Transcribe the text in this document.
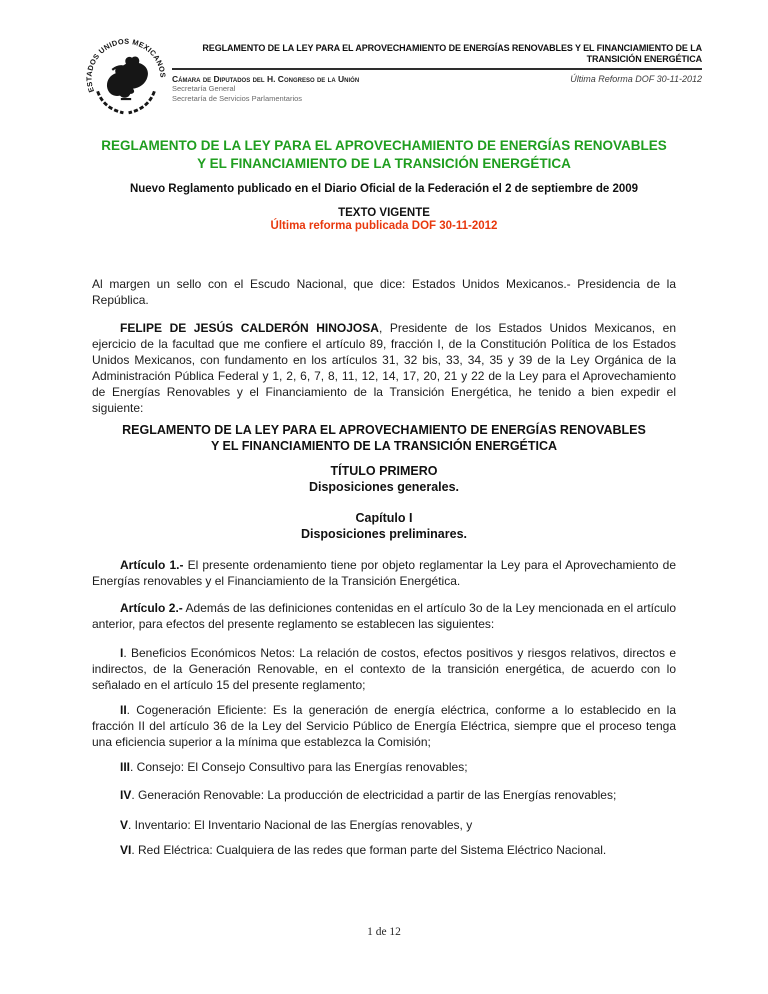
ESTADOS UNIDOS MEXICANOS
REGLAMENTO DE LA LEY PARA EL APROVECHAMIENTO DE ENERGÍAS RENOVABLES Y EL FINANCIAMIENTO DE LA
TRANSICIÓN ENERGÉTICA
Cámara de Diputados del H. Congreso de la Unión
Secretaría General
Secretaría de Servicios Parlamentarios
Última Reforma DOF 30-11-2012
REGLAMENTO DE LA LEY PARA EL APROVECHAMIENTO DE ENERGÍAS RENOVABLES
Y EL FINANCIAMIENTO DE LA TRANSICIÓN ENERGÉTICA
Nuevo Reglamento publicado en el Diario Oficial de la Federación el 2 de septiembre de 2009
TEXTO VIGENTE
Última reforma publicada DOF 30-11-2012

Al margen un sello con el Escudo Nacional, que dice: Estados Unidos Mexicanos.- Presidencia de la República.

FELIPE DE JESÚS CALDERÓN HINOJOSA, Presidente de los Estados Unidos Mexicanos, en ejercicio de la facultad que me confiere el artículo 89, fracción I, de la Constitución Política de los Estados Unidos Mexicanos, con fundamento en los artículos 31, 32 bis, 33, 34, 35 y 39 de la Ley Orgánica de la Administración Pública Federal y 1, 2, 6, 7, 8, 11, 12, 14, 17, 20, 21 y 22 de la Ley para el Aprovechamiento de Energías Renovables y el Financiamiento de la Transición Energética, he tenido a bien expedir el siguiente:

REGLAMENTO DE LA LEY PARA EL APROVECHAMIENTO DE ENERGÍAS RENOVABLES
Y EL FINANCIAMIENTO DE LA TRANSICIÓN ENERGÉTICA
TÍTULO PRIMERO
Disposiciones generales.
Capítulo I
Disposiciones preliminares.

Artículo 1.- El presente ordenamiento tiene por objeto reglamentar la Ley para el Aprovechamiento de Energías renovables y el Financiamiento de la Transición Energética.

Artículo 2.- Además de las definiciones contenidas en el artículo 3o de la Ley mencionada en el artículo anterior, para efectos del presente reglamento se establecen las siguientes:

I. Beneficios Económicos Netos: La relación de costos, efectos positivos y riesgos relativos, directos e indirectos, de la Generación Renovable, en el contexto de la transición energética, de acuerdo con lo señalado en el artículo 15 del presente reglamento;

II. Cogeneración Eficiente: Es la generación de energía eléctrica, conforme a lo establecido en la fracción II del artículo 36 de la Ley del Servicio Público de Energía Eléctrica, siempre que el proceso tenga una eficiencia superior a la mínima que establezca la Comisión;

III. Consejo: El Consejo Consultivo para las Energías renovables;

IV. Generación Renovable: La producción de electricidad a partir de las Energías renovables;

V. Inventario: El Inventario Nacional de las Energías renovables, y

VI. Red Eléctrica: Cualquiera de las redes que forman parte del Sistema Eléctrico Nacional.

1 de 12
